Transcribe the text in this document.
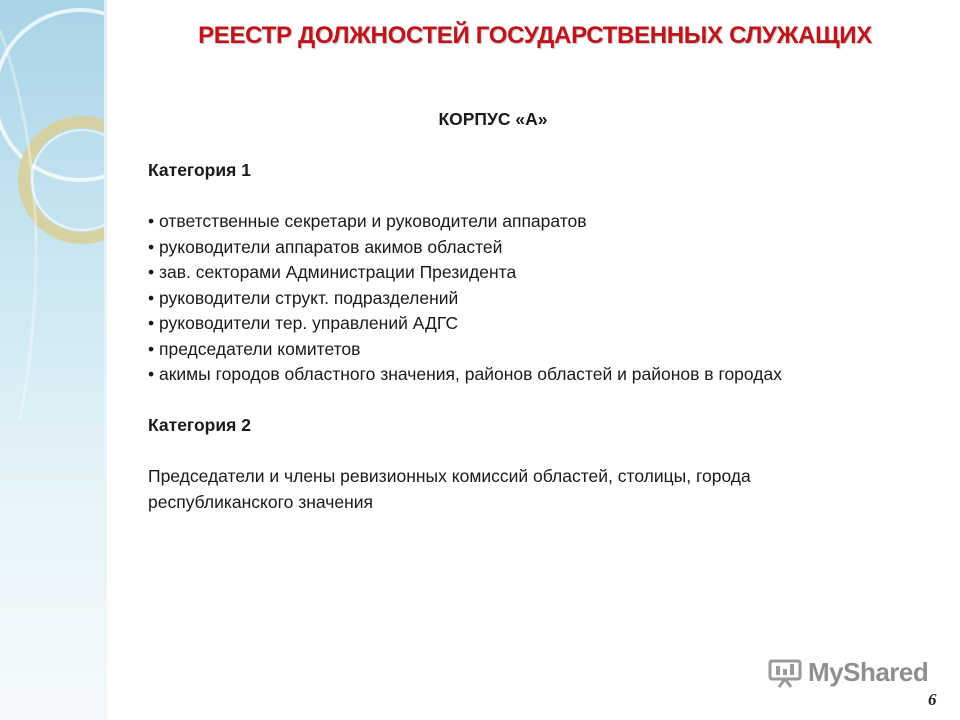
РЕЕСТР ДОЛЖНОСТЕЙ ГОСУДАРСТВЕННЫХ СЛУЖАЩИХ

КОРПУС «А»

Категория 1

• ответственные секретари и руководители аппаратов
• руководители аппаратов акимов областей
• зав. секторами Администрации Президента
• руководители структ. подразделений
• руководители тер. управлений АДГС
• председатели комитетов
• акимы городов областного значения, районов областей и районов в городах

Категория 2

Председатели и члены ревизионных комиссий областей, столицы, города республиканского значения

MyShared
6
